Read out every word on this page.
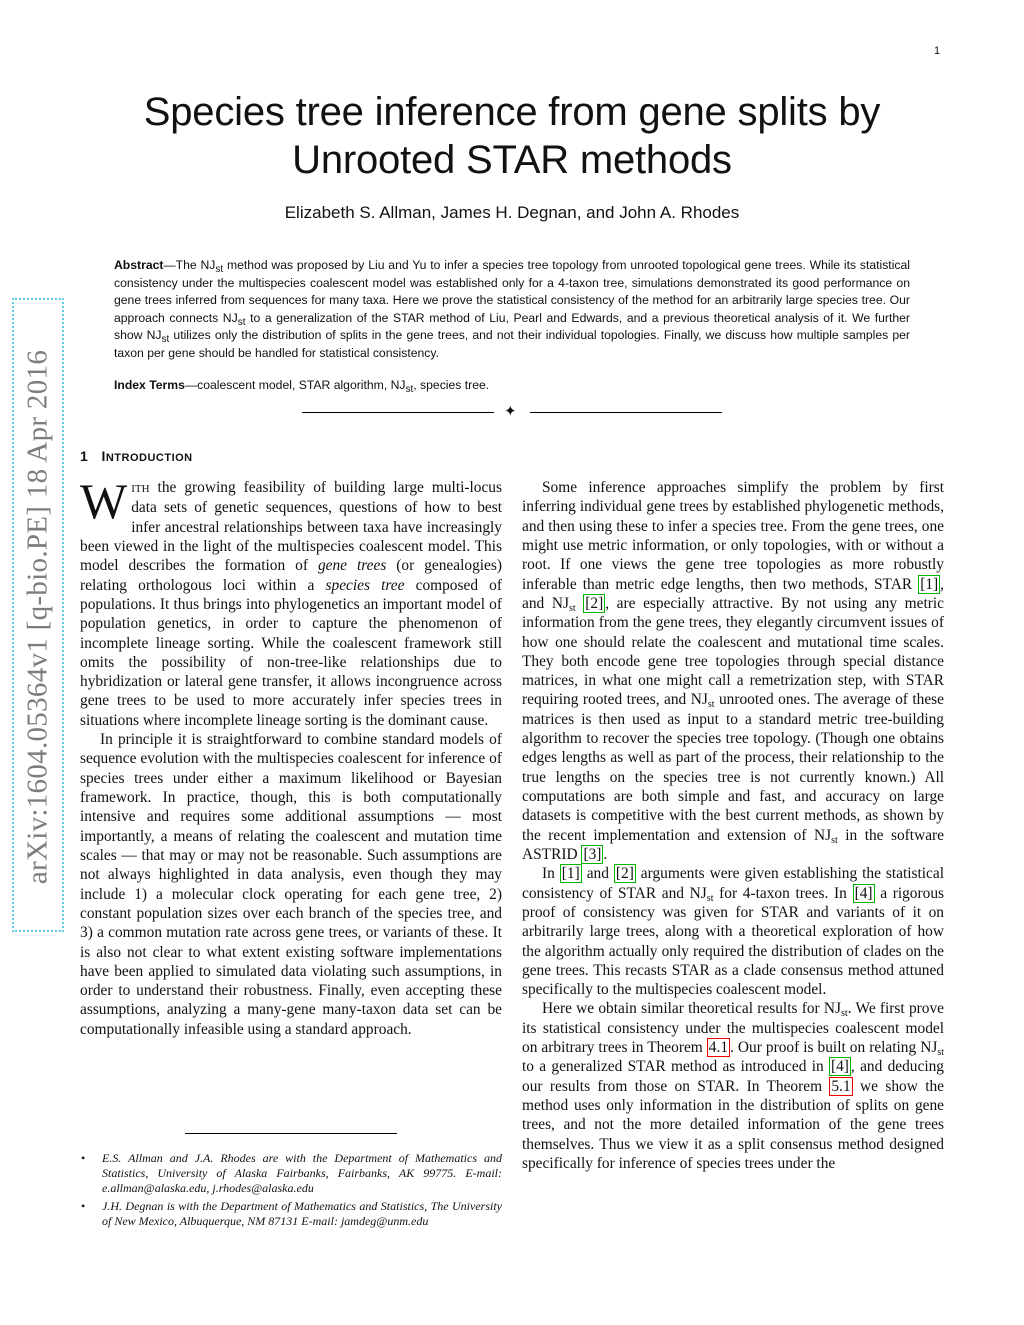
1
Species tree inference from gene splits by
Unrooted STAR methods
Elizabeth S. Allman, James H. Degnan, and John A. Rhodes
Abstract—The $NJ_{st}$ method was proposed by Liu and Yu to infer a species tree topology from unrooted topological gene trees. While its statistical consistency under the multispecies coalescent model was established only for a 4-taxon tree, simulations demonstrated its good performance on gene trees inferred from sequences for many taxa. Here we prove the statistical consistency of the method for an arbitrarily large species tree. Our approach connects $NJ_{st}$ to a generalization of the STAR method of Liu, Pearl and Edwards, and a previous theoretical analysis of it. We further show $NJ_{st}$ utilizes only the distribution of splits in the gene trees, and not their individual topologies. Finally, we discuss how multiple samples per taxon per gene should be handled for statistical consistency.
Index Terms—coalescent model, STAR algorithm, $NJ_{st}$, species tree.
✦
arXiv:1604.05364v1 [q-bio.PE] 18 Apr 2016 1 INTRODUCTION

With the growing feasibility of building large multi-locus data sets of genetic sequences, questions of how to best infer ancestral relationships between taxa have increasingly been viewed in the light of the multispecies coalescent model. This model describes the formation of gene trees (or genealogies) relating orthologous loci within a species tree composed of populations. It thus brings into phylogenetics an important model of population genetics, in order to capture the phenomenon of incomplete lineage sorting. While the coalescent framework still omits the possibility of non-tree-like relationships due to hybridization or lateral gene transfer, it allows incongruence across gene trees to be used to more accurately infer species trees in situations where incomplete lineage sorting is the dominant cause.

In principle it is straightforward to combine standard models of sequence evolution with the multispecies coalescent for inference of species trees under either a maximum likelihood or Bayesian framework. In practice, though, this is both computationally intensive and requires some additional assumptions — most importantly, a means of relating the coalescent and mutation time scales — that may or may not be reasonable. Such assumptions are not always highlighted in data analysis, even though they may include 1) a molecular clock operating for each gene tree, 2) constant population sizes over each branch of the species tree, and 3) a common mutation rate across gene trees, or variants of these. It is also not clear to what extent existing software implementations have been applied to simulated data violating such assumptions, in order to understand their robustness. Finally, even accepting these assumptions, analyzing a many-gene many-taxon data set can be computationally infeasible using a standard approach.

• E.S. Allman and J.A. Rhodes are with the Department of Mathematics and Statistics, University of Alaska Fairbanks, Fairbanks, AK 99775. E-mail: e.allman@alaska.edu, j.rhodes@alaska.edu
• J.H. Degnan is with the Department of Mathematics and Statistics, The University of New Mexico, Albuquerque, NM 87131 E-mail: jamdeg@unm.edu

Some inference approaches simplify the problem by first inferring individual gene trees by established phylogenetic methods, and then using these to infer a species tree. From the gene trees, one might use metric information, or only topologies, with or without a root. If one views the gene tree topologies as more robustly inferable than metric edge lengths, then two methods, STAR [1] , and $NJ_{st}$ [2] , are especially attractive. By not using any metric information from the gene trees, they elegantly circumvent issues of how one should relate the coalescent and mutational time scales. They both encode gene tree topologies through special distance matrices, in what one might call a remetrization step, with STAR requiring rooted trees, and $NJ_{st}$ unrooted ones. The average of these matrices is then used as input to a standard metric tree-building algorithm to recover the species tree topology. (Though one obtains edges lengths as well as part of the process, their relationship to the true lengths on the species tree is not currently known.) All computations are both simple and fast, and accuracy on large datasets is competitive with the best current methods, as shown by the recent implementation and extension of $NJ_{st}$ in the software ASTRID [3] .

In [1] and [2] arguments were given establishing the statistical consistency of STAR and $NJ_{st}$ for 4-taxon trees. In [4] a rigorous proof of consistency was given for STAR and variants of it on arbitrarily large trees, along with a theoretical exploration of how the algorithm actually only required the distribution of clades on the gene trees. This recasts STAR as a clade consensus method attuned specifically to the multispecies coalescent model.

Here we obtain similar theoretical results for $NJ_{st}$. We first prove its statistical consistency under the multispecies coalescent model on arbitrary trees in Theorem 4.1 . Our proof is built on relating $NJ_{st}$ to a generalized STAR method as introduced in [4] , and deducing our results from those on STAR. In Theorem 5.1 we show the method uses only information in the distribution of splits on gene trees, and not the more detailed information of the gene trees themselves. Thus we view it as a split consensus method designed specifically for inference of species trees under the
